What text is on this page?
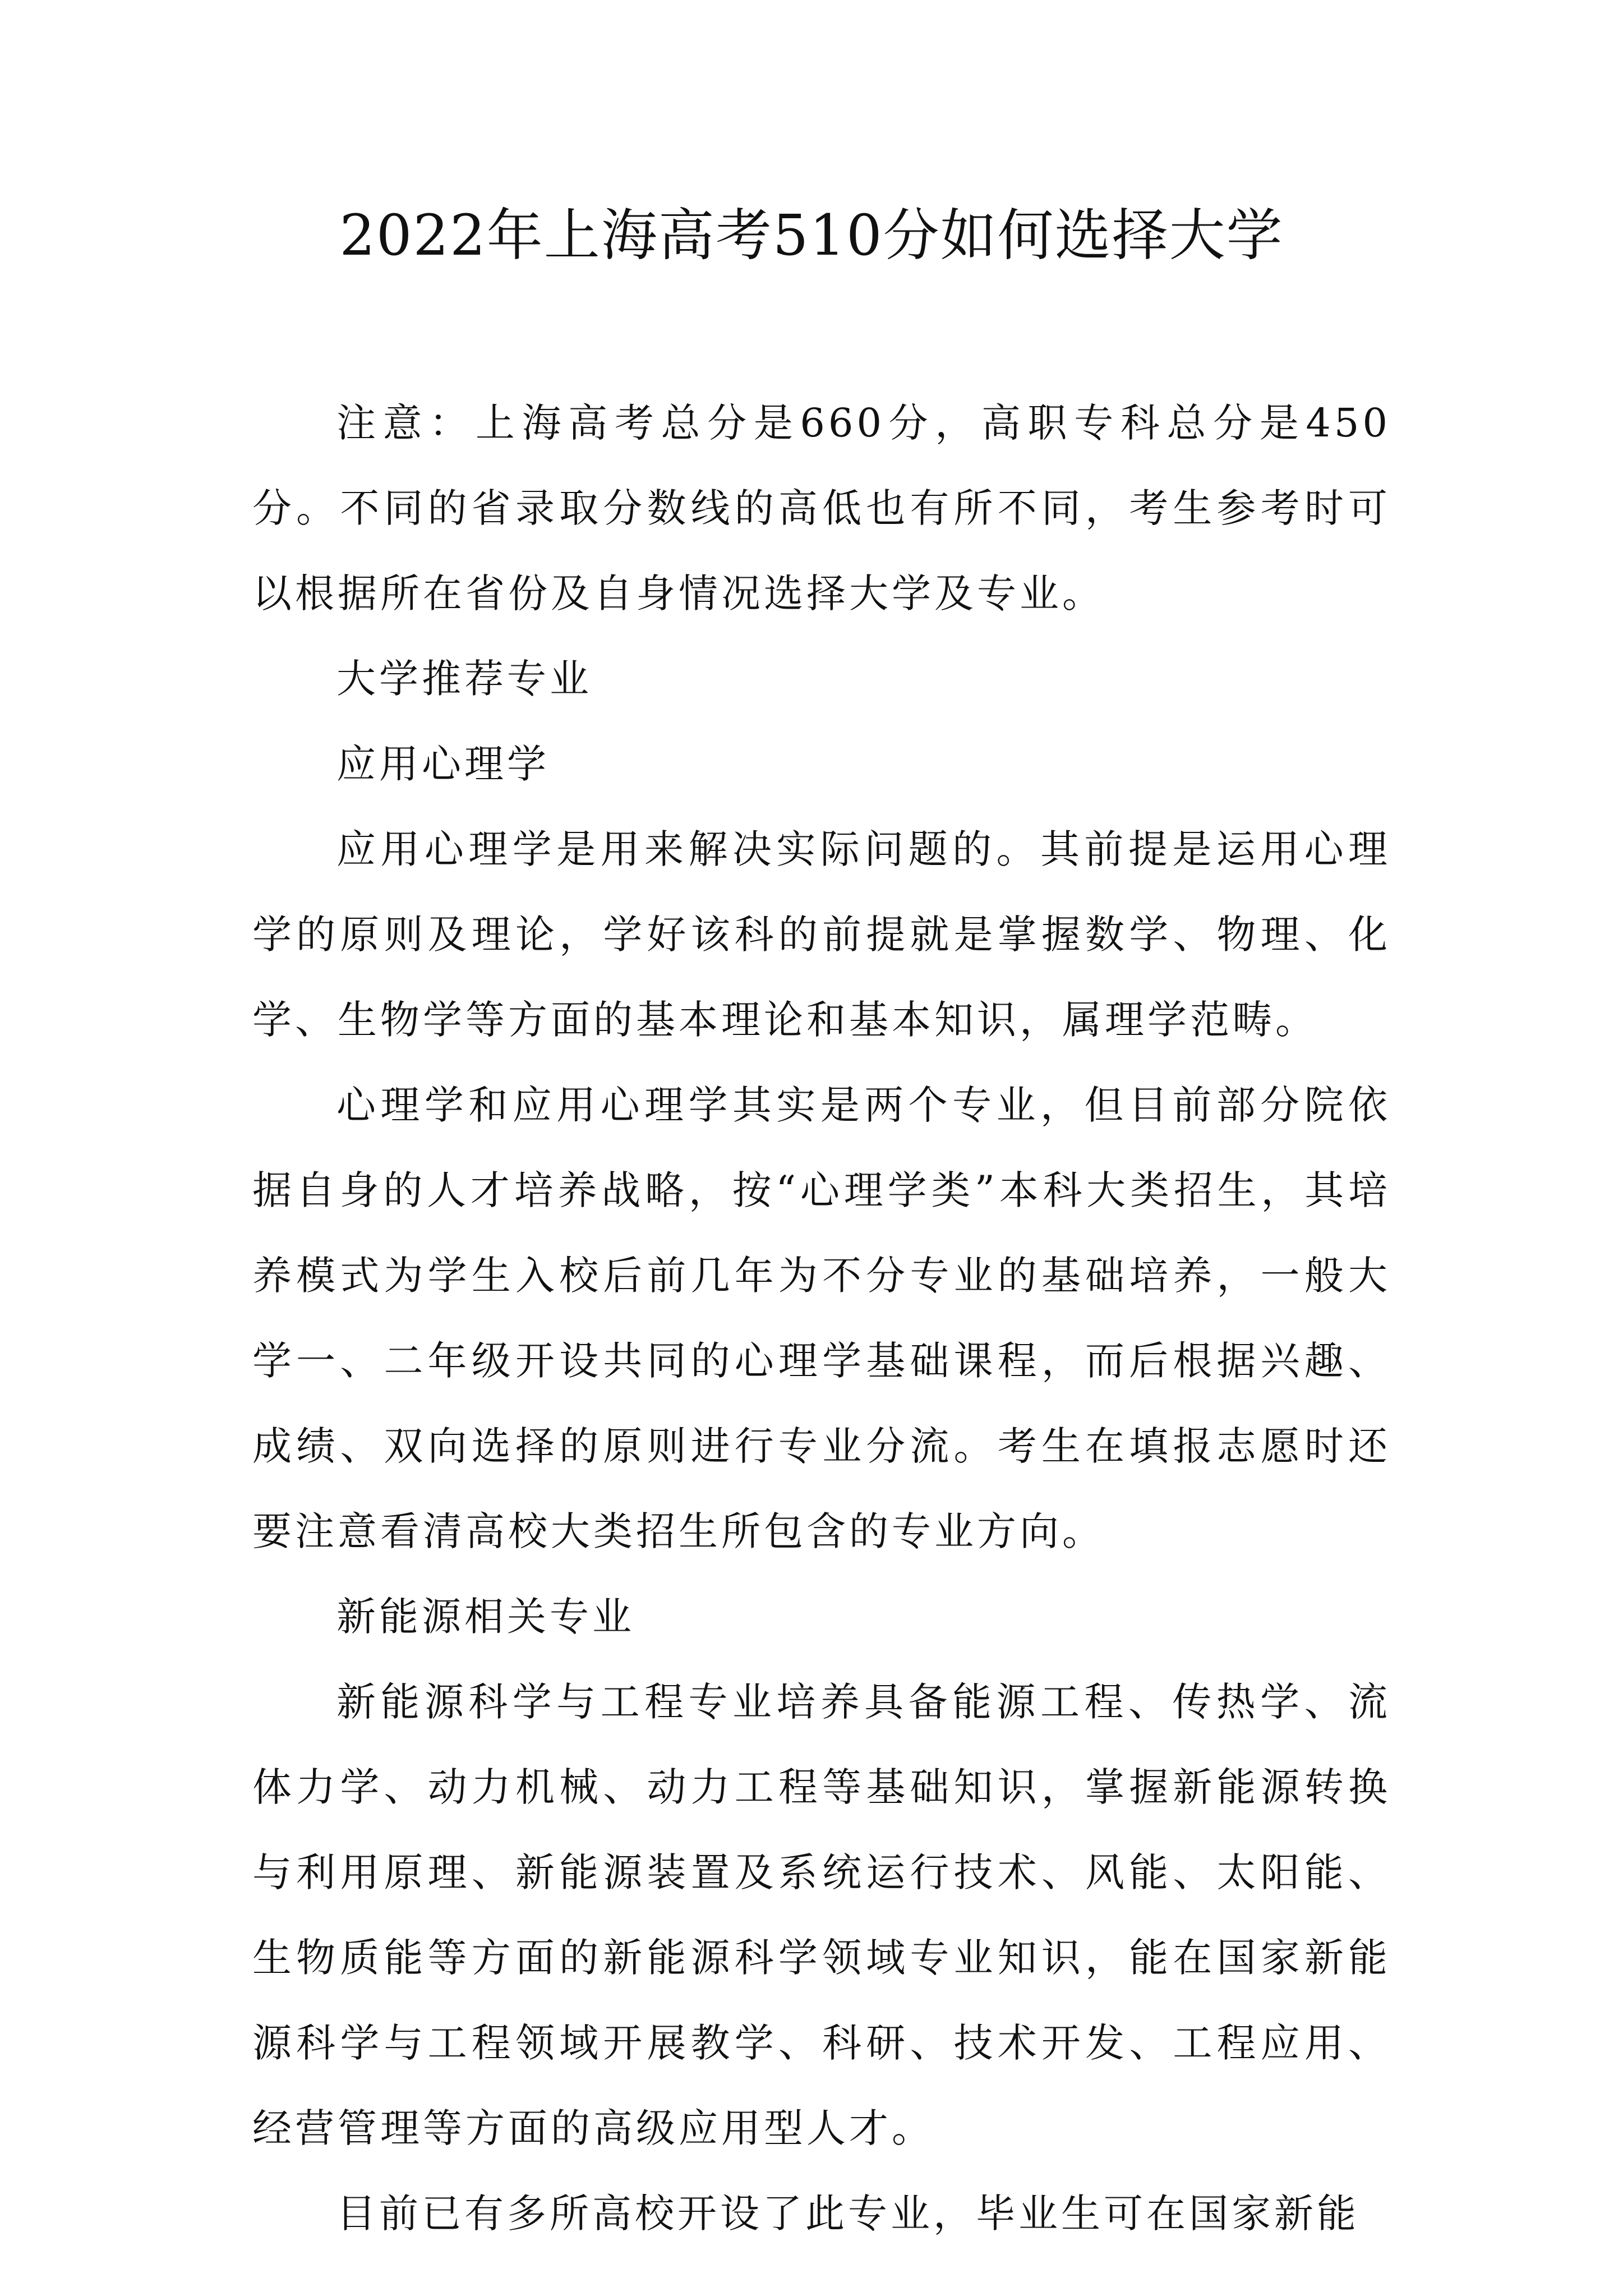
2022年上海高考510分如何选择大学

注意：上海高考总分是660分，高职专科总分是450分。不同的省录取分数线的高低也有所不同，考生参考时可以根据所在省份及自身情况选择大学及专业。

大学推荐专业

应用心理学

应用心理学是用来解决实际问题的。其前提是运用心理学的原则及理论，学好该科的前提就是掌握数学、物理、化学、生物学等方面的基本理论和基本知识，属理学范畴。

心理学和应用心理学其实是两个专业，但目前部分院依据自身的人才培养战略，按“心理学类”本科大类招生，其培养模式为学生入校后前几年为不分专业的基础培养，一般大学一、二年级开设共同的心理学基础课程，而后根据兴趣、成绩、双向选择的原则进行专业分流。考生在填报志愿时还要注意看清高校大类招生所包含的专业方向。

新能源相关专业

新能源科学与工程专业培养具备能源工程、传热学、流体力学、动力机械、动力工程等基础知识，掌握新能源转换与利用原理、新能源装置及系统运行技术、风能、太阳能、生物质能等方面的新能源科学领域专业知识，能在国家新能源科学与工程领域开展教学、科研、技术开发、工程应用、经营管理等方面的高级应用型人才。

目前已有多所高校开设了此专业，毕业生可在国家新能
